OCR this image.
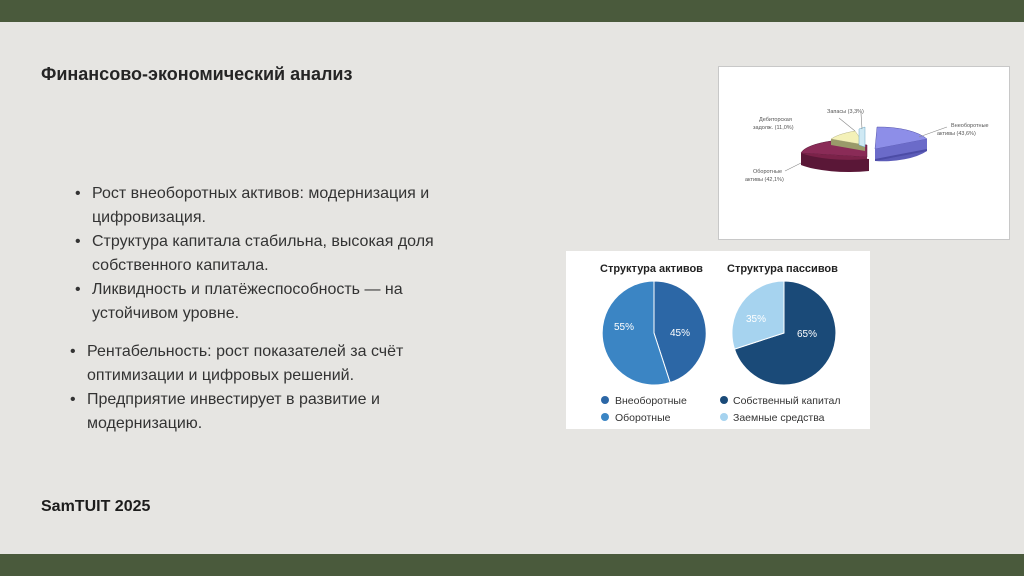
Финансово-экономический анализ
• Рост внеоборотных активов: модернизация и цифровизация.
• Структура капитала стабильна, высокая доля собственного капитала.
• Ликвидность и платёжеспособность — на устойчивом уровне.
• Рентабельность: рост показателей за счёт оптимизации и цифровых решений.
• Предприятие инвестирует в развитие и модернизацию.
Запасы (3,3%)
Дебиторская
задолж. (11,0%)	Внеоборотные
активы (43,6%)
Оборотные
активы (42,1%)
Структура активов Структура пассивов
55%
45%
35%
65%
Внеоборотные
Оборотные
Собственный капитал
Заемные средства
SamTUIT 2025
